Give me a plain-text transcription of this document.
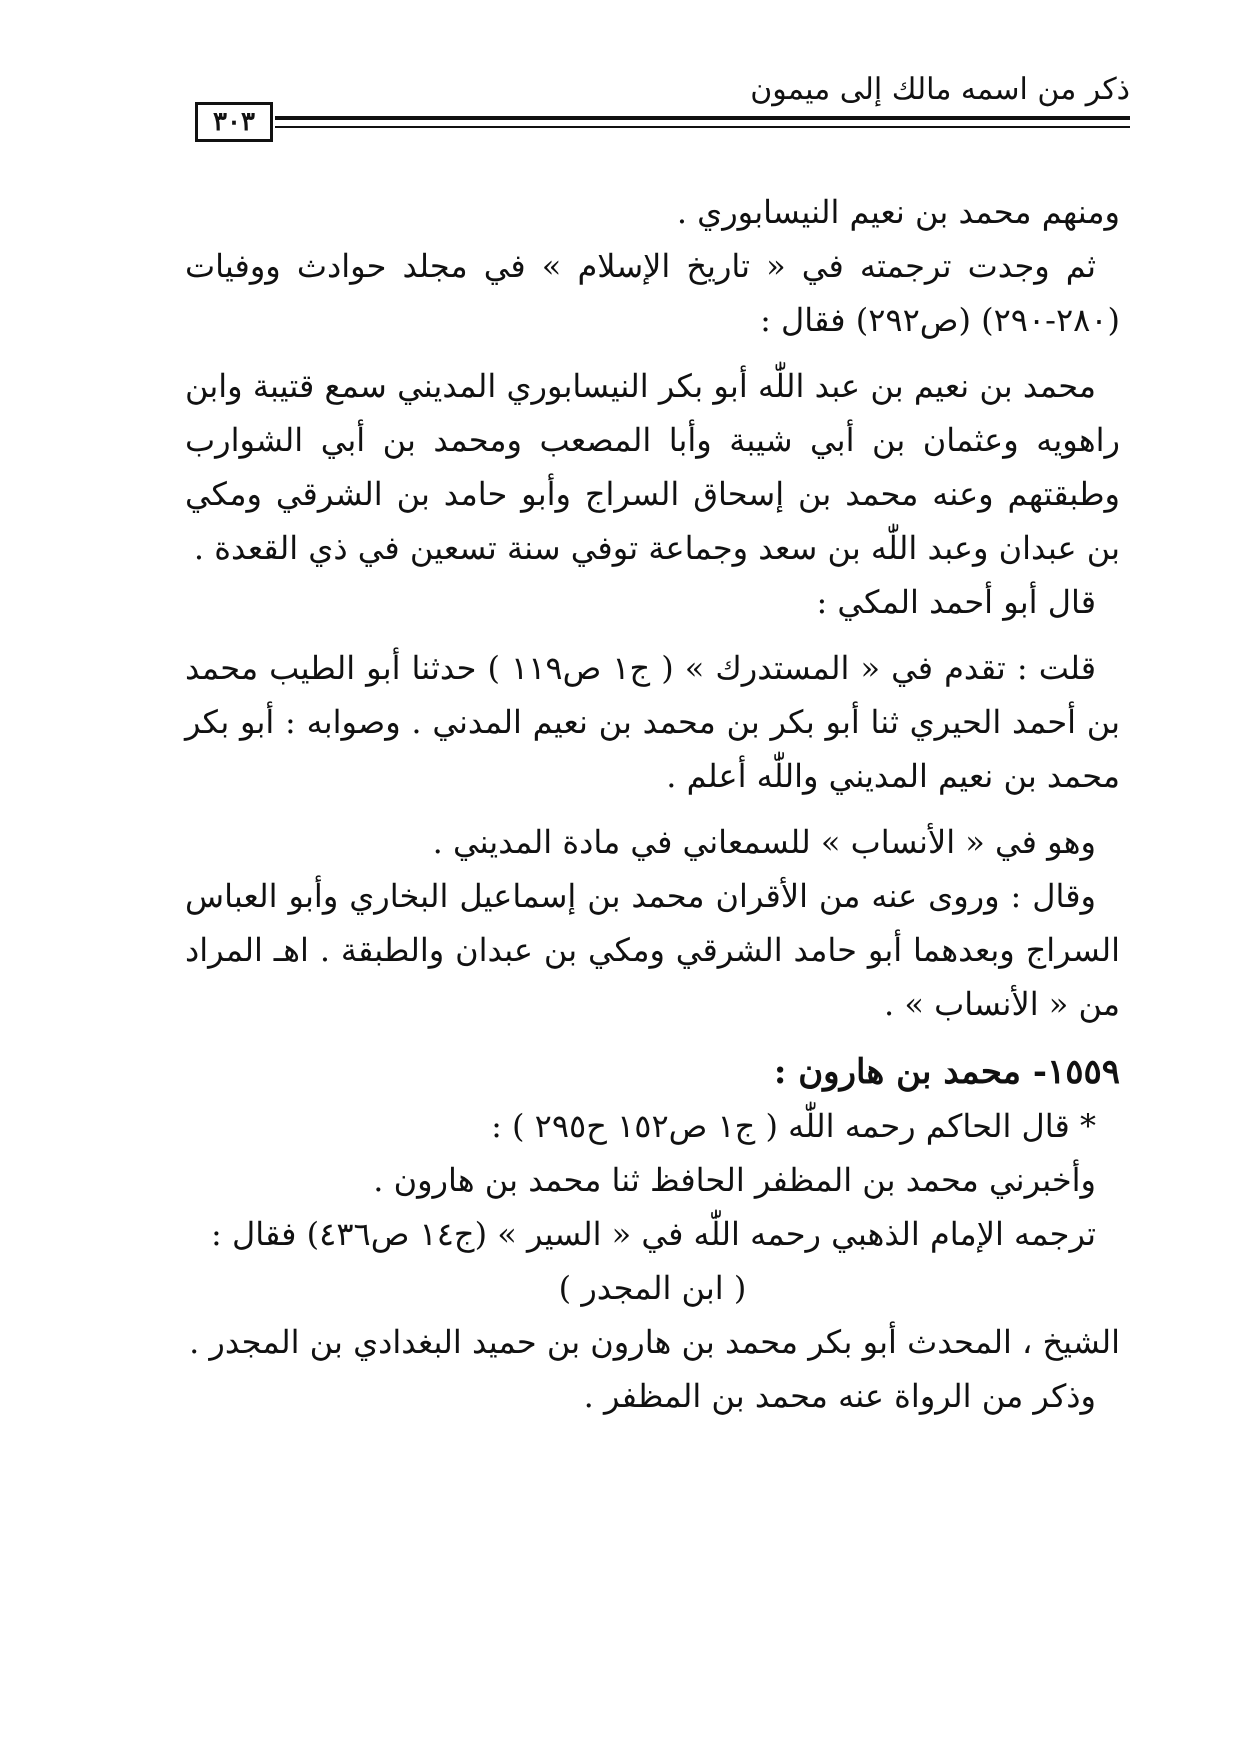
٣٠٣
ذكر من اسمه مالك إلى ميمون

ومنهم محمد بن نعيم النيسابوري .

ثم وجدت ترجمته في « تاريخ الإسلام » في مجلد حوادث ووفيات (٢٨٠-٢٩٠) (ص٢٩٢) فقال :

محمد بن نعيم بن عبد اللّٰه أبو بكر النيسابوري المديني سمع قتيبة وابن راهويه وعثمان بن أبي شيبة وأبا المصعب ومحمد بن أبي الشوارب وطبقتهم وعنه محمد بن إسحاق السراج وأبو حامد بن الشرقي ومكي بن عبدان وعبد اللّٰه بن سعد وجماعة توفي سنة تسعين في ذي القعدة .

قال أبو أحمد المكي :

قلت : تقدم في « المستدرك » ( ج١ ص١١٩ ) حدثنا أبو الطيب محمد بن أحمد الحيري ثنا أبو بكر بن محمد بن نعيم المدني . وصوابه : أبو بكر محمد بن نعيم المديني واللّٰه أعلم .

وهو في « الأنساب » للسمعاني في مادة المديني .

وقال : وروى عنه من الأقران محمد بن إسماعيل البخاري وأبو العباس السراج وبعدهما أبو حامد الشرقي ومكي بن عبدان والطبقة . اهـ المراد من « الأنساب » .

١٥٥٩- محمد بن هارون :

* قال الحاكم رحمه اللّٰه ( ج١ ص١٥٢ ح٢٩٥ ) :

وأخبرني محمد بن المظفر الحافظ ثنا محمد بن هارون .

ترجمه الإمام الذهبي رحمه اللّٰه في « السير » (ج١٤ ص٤٣٦) فقال :

( ابن المجدر )

الشيخ ، المحدث أبو بكر محمد بن هارون بن حميد البغدادي بن المجدر .

وذكر من الرواة عنه محمد بن المظفر .
